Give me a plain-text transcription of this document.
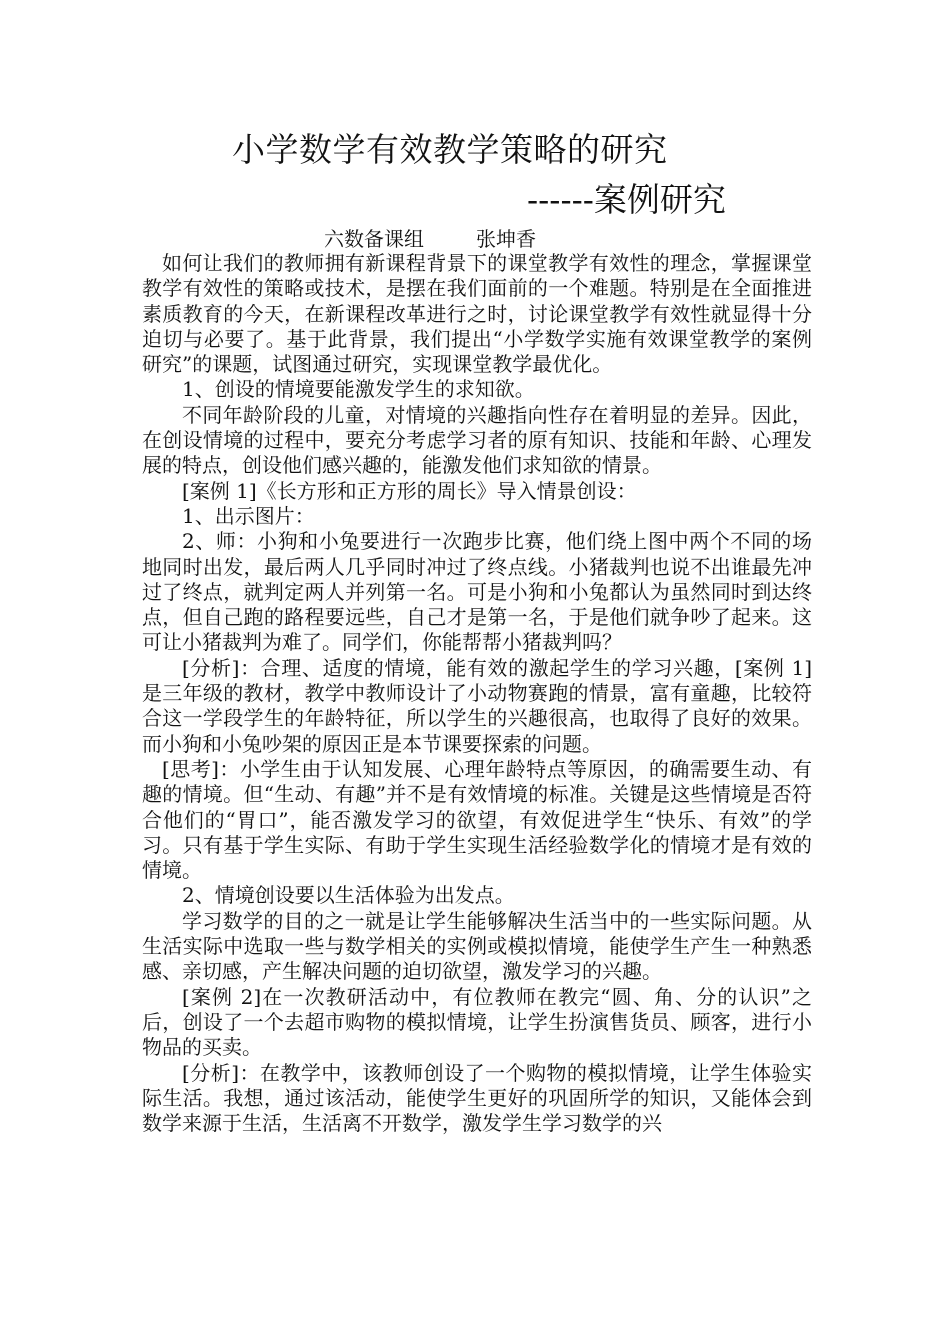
小学数学有效教学策略的研究
------案例研究
六数备课组	张坤香

如何让我们的教师拥有新课程背景下的课堂教学有效性的理念，掌握课堂教学有效性的策略或技术，是摆在我们面前的一个难题。特别是在全面推进素质教育的今天，在新课程改革进行之时，讨论课堂教学有效性就显得十分迫切与必要了。基于此背景，我们提出“小学数学实施有效课堂教学的案例研究”的课题，试图通过研究，实现课堂教学最优化。

1、创设的情境要能激发学生的求知欲。

不同年龄阶段的儿童，对情境的兴趣指向性存在着明显的差异。因此，在创设情境的过程中，要充分考虑学习者的原有知识、技能和年龄、心理发展的特点，创设他们感兴趣的，能激发他们求知欲的情景。

[案例 1]《长方形和正方形的周长》导入情景创设：

1、出示图片：

2、师：小狗和小兔要进行一次跑步比赛，他们绕上图中两个不同的场地同时出发，最后两人几乎同时冲过了终点线。小猪裁判也说不出谁最先冲过了终点，就判定两人并列第一名。可是小狗和小兔都认为虽然同时到达终点，但自己跑的路程要远些，自己才是第一名，于是他们就争吵了起来。这可让小猪裁判为难了。同学们，你能帮帮小猪裁判吗？

[分析]：合理、适度的情境，能有效的激起学生的学习兴趣，[案例 1]是三年级的教材，教学中教师设计了小动物赛跑的情景，富有童趣，比较符合这一学段学生的年龄特征，所以学生的兴趣很高，也取得了良好的效果。而小狗和小兔吵架的原因正是本节课要探索的问题。

[思考]：小学生由于认知发展、心理年龄特点等原因，的确需要生动、有趣的情境。但“生动、有趣”并不是有效情境的标准。关键是这些情境是否符合他们的“胃口”，能否激发学习的欲望，有效促进学生“快乐、有效”的学习。只有基于学生实际、有助于学生实现生活经验数学化的情境才是有效的情境。

2、情境创设要以生活体验为出发点。

学习数学的目的之一就是让学生能够解决生活当中的一些实际问题。从生活实际中选取一些与数学相关的实例或模拟情境，能使学生产生一种熟悉感、亲切感，产生解决问题的迫切欲望，激发学习的兴趣。

[案例 2]在一次教研活动中，有位教师在教完“圆、角、分的认识”之后，创设了一个去超市购物的模拟情境，让学生扮演售货员、顾客，进行小物品的买卖。

[分析]：在教学中，该教师创设了一个购物的模拟情境，让学生体验实际生活。我想，通过该活动，能使学生更好的巩固所学的知识，又能体会到数学来源于生活，生活离不开数学，激发学生学习数学的兴
